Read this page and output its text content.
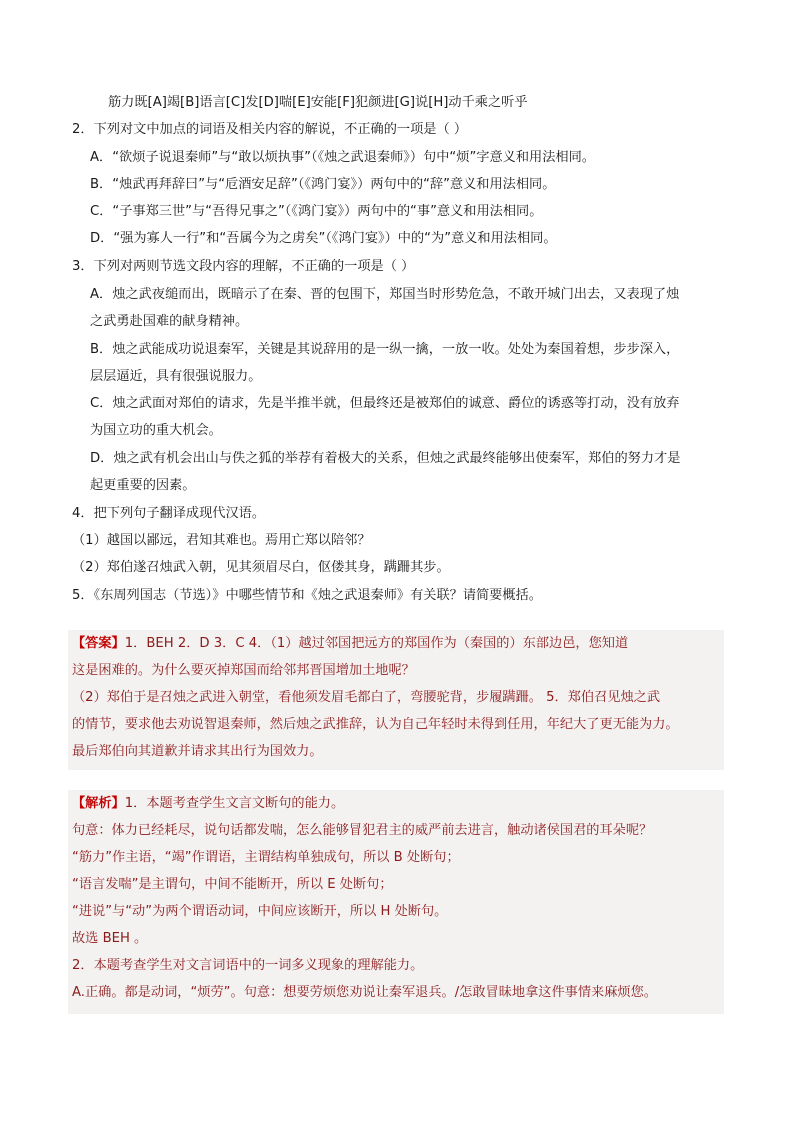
筋力既[A]竭[B]语言[C]发[D]喘[E]安能[F]犯颜进[G]说[H]动千乘之听乎
2．下列对文中加点的词语及相关内容的解说，不正确的一项是（ ）
A．“欲烦子说退秦师”与“敢以烦执事”（《烛之武退秦师》）句中“烦”字意义和用法相同。
B．“烛武再拜辞曰”与“卮酒安足辞”（《鸿门宴》）两句中的“辞”意义和用法相同。
C．“子事郑三世”与“吾得兄事之”（《鸿门宴》）两句中的“事”意义和用法相同。
D．“强为寡人一行”和“吾属今为之虏矣”（《鸿门宴》）中的“为”意义和用法相同。
3．下列对两则节选文段内容的理解，不正确的一项是（ ）
A．烛之武夜缒而出，既暗示了在秦、晋的包围下，郑国当时形势危急，不敢开城门出去，又表现了烛
之武勇赴国难的献身精神。
B．烛之武能成功说退秦军，关键是其说辞用的是一纵一擒，一放一收。处处为秦国着想，步步深入，
层层逼近，具有很强说服力。
C．烛之武面对郑伯的请求，先是半推半就，但最终还是被郑伯的诚意、爵位的诱惑等打动，没有放弃
为国立功的重大机会。
D．烛之武有机会出山与佚之狐的举荐有着极大的关系，但烛之武最终能够出使秦军，郑伯的努力才是
起更重要的因素。
4．把下列句子翻译成现代汉语。
（1）越国以鄙远，君知其难也。焉用亡郑以陪邻？
（2）郑伯遂召烛武入朝，见其须眉尽白，伛偻其身，蹒跚其步。
5．《东周列国志（节选）》中哪些情节和《烛之武退秦师》有关联？请简要概括。
【答案】1．BEH 2．D 3．C 4．（1）越过邻国把远方的郑国作为（秦国的）东部边邑，您知道
这是困难的。为什么要灭掉郑国而给邻邦晋国增加土地呢？
（2）郑伯于是召烛之武进入朝堂，看他须发眉毛都白了，弯腰驼背，步履蹒跚。 5．郑伯召见烛之武
的情节，要求他去劝说智退秦师，然后烛之武推辞，认为自己年轻时未得到任用，年纪大了更无能为力。
最后郑伯向其道歉并请求其出行为国效力。
【解析】1．本题考查学生文言文断句的能力。
句意：体力已经耗尽，说句话都发喘，怎么能够冒犯君主的威严前去进言，触动诸侯国君的耳朵呢？
“筋力”作主语，“竭”作谓语，主谓结构单独成句，所以 B 处断句；
“语言发喘”是主谓句，中间不能断开，所以 E 处断句；
“进说”与“动”为两个谓语动词，中间应该断开，所以 H 处断句。
故选 BEH 。
2．本题考查学生对文言词语中的一词多义现象的理解能力。
A.正确。都是动词，“烦劳”。句意：想要劳烦您劝说让秦军退兵。/怎敢冒昧地拿这件事情来麻烦您。
